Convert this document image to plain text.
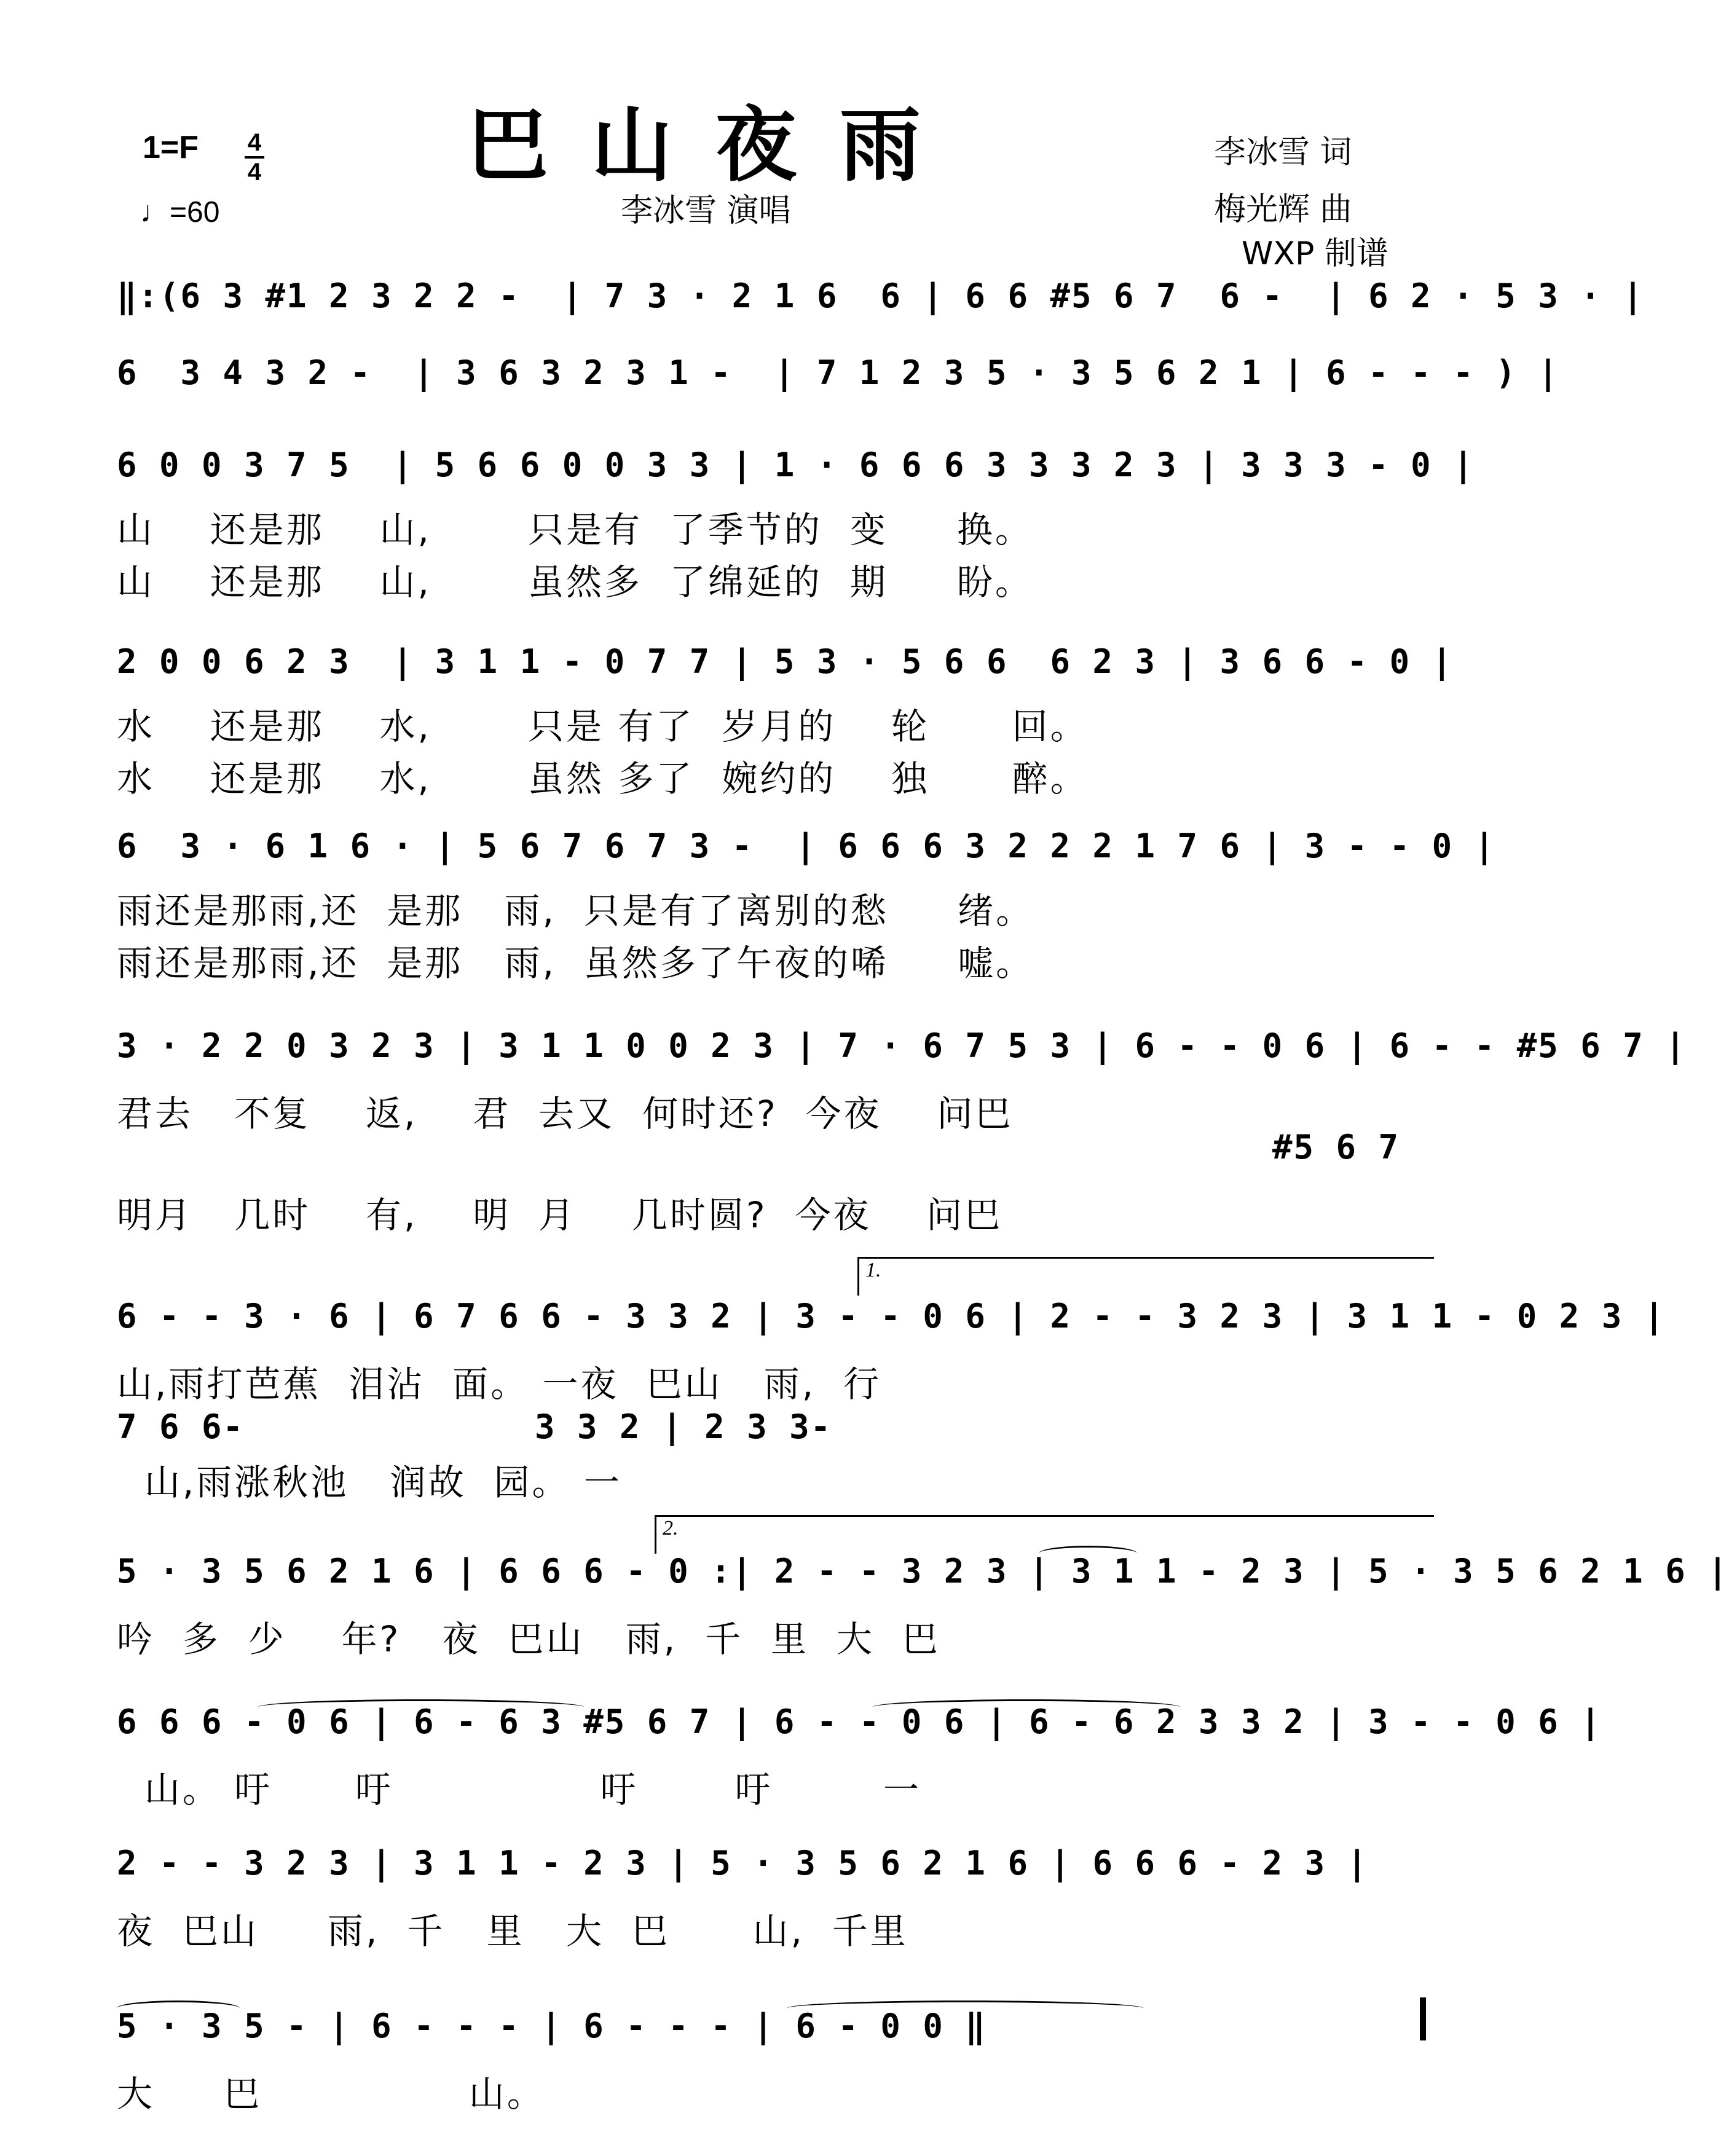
1=F 4
4
♩=60
巴山夜雨
李冰雪 演唱
李冰雪 词
梅光辉 曲
WXP 制谱
‖:(6 3 #1 2 3 2 2 -  | 7 3 · 2 1 6  6 | 6 6 #5 6 7  6 -  | 6 2 · 5 3 · |
6  3 4 3 2 -  | 3 6 3 2 3 1 -  | 7 1 2 3 5 · 3 5 6 2 1 | 6 - - - ) |
6 0 0 3 7 5  | 5 6 6 0 0 3 3 | 1 · 6 6 6 3 3 3 2 3 | 3 3 3 - 0 |
山    还是那    山,       只是有  了季节的  变     换。
山    还是那    山,       虽然多  了绵延的  期     盼。
2 0 0 6 2 3  | 3 1 1 - 0 7 7 | 5 3 · 5 6 6  6 2 3 | 3 6 6 - 0 |
水    还是那    水,       只是 有了  岁月的    轮      回。
水    还是那    水,       虽然 多了  婉约的    独      醉。
6  3 · 6 1 6 · | 5 6 7 6 7 3 -  | 6 6 6 3 2 2 2 1 7 6 | 3 - - 0 |
雨还是那雨,还  是那   雨,  只是有了离别的愁     绪。
雨还是那雨,还  是那   雨,  虽然多了午夜的唏     嘘。
3 · 2 2 0 3 2 3 | 3 1 1 0 0 2 3 | 7 · 6 7 5 3 | 6 - - 0 6 | 6 - - #5 6 7 |
君去   不复    返,    君  去又  何时还?  今夜    问巴
#5 6 7
明月   几时    有,    明  月    几时圆?  今夜    问巴
1.
6 - - 3 · 6 | 6 7 6 6 - 3 3 2 | 3 - - 0 6 | 2 - - 3 2 3 | 3 1 1 - 0 2 3 |
山,雨打芭蕉  泪沾  面。 一夜  巴山   雨,  行
7 6 6-	3 3 2 | 2 3 3-
山,雨涨秋池   润故  园。 一
2.
5 · 3 5 6 2 1 6 | 6 6 6 - 0 :| 2 - - 3 2 3 | 3 1 1 - 2 3 | 5 · 3 5 6 2 1 6 |
吟  多  少    年?   夜  巴山   雨,  千  里  大  巴
6 6 6 - 0 6 | 6 - 6 3 #5 6 7 | 6 - - 0 6 | 6 - 6 2 3 3 2 | 3 - - 0 6 |
山。 吁      吁               吁       吁        一
2 - - 3 2 3 | 3 1 1 - 2 3 | 5 · 3 5 6 2 1 6 | 6 6 6 - 2 3 |
夜  巴山     雨,  千   里   大  巴      山,  千里
5 · 3 5 - | 6 - - - | 6 - - - | 6 - 0 0 ‖
大     巴               山。
